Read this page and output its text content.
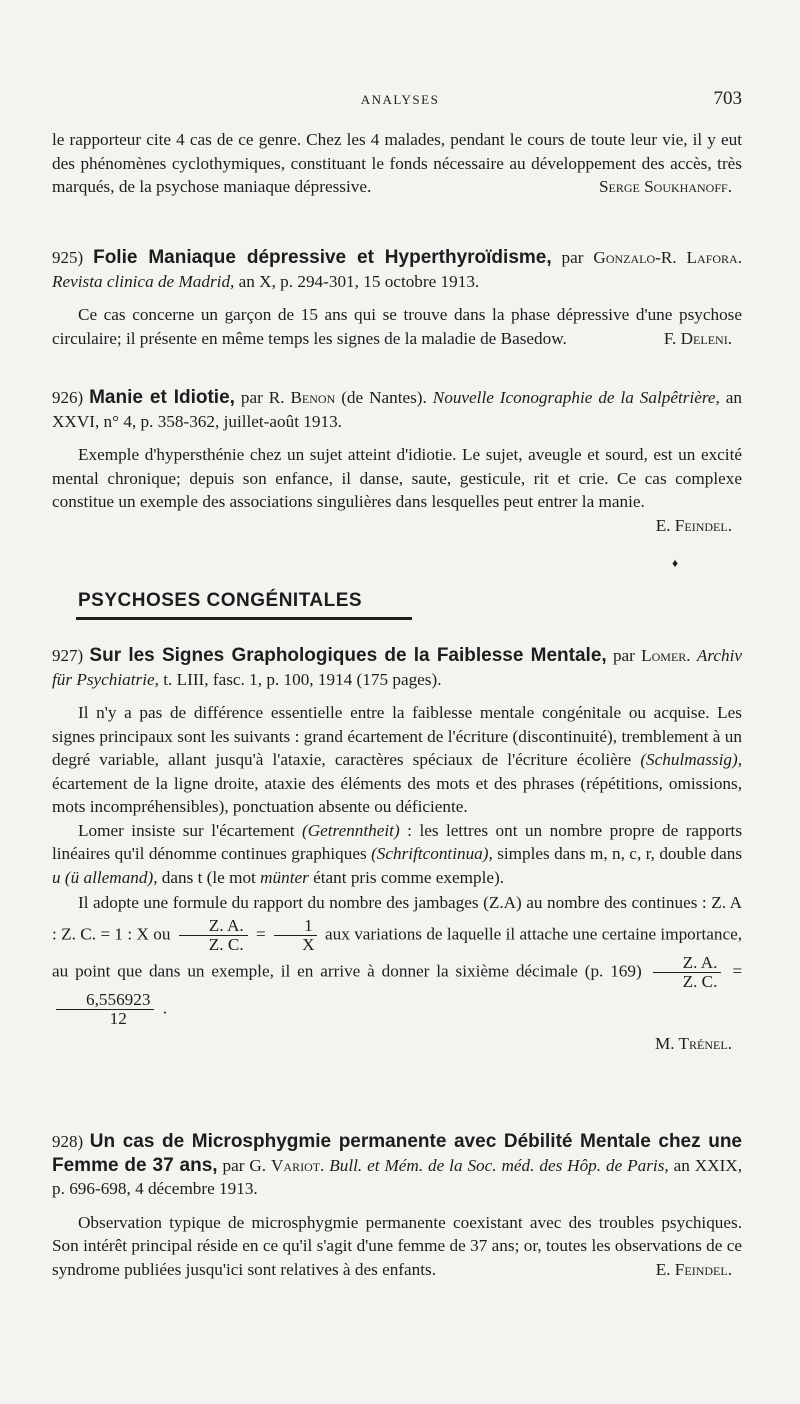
ANALYSES	703

le rapporteur cite 4 cas de ce genre. Chez les 4 malades, pendant le cours de toute leur vie, il y eut des phénomènes cyclothymiques, constituant le fonds nécessaire au développement des accès, très marqués, de la psychose maniaque dépressive.	Serge Soukhanoff.

925) Folie Maniaque dépressive et Hyperthyroïdisme, par Gonzalo-R. Lafora. Revista clinica de Madrid, an X, p. 294-301, 15 octobre 1913.

Ce cas concerne un garçon de 15 ans qui se trouve dans la phase dépressive d'une psychose circulaire; il présente en même temps les signes de la maladie de Basedow.	F. Deleni.

926) Manie et Idiotie, par R. Benon (de Nantes). Nouvelle Iconographie de la Salpêtrière, an XXVI, n° 4, p. 358-362, juillet-août 1913.

Exemple d'hypersthénie chez un sujet atteint d'idiotie. Le sujet, aveugle et sourd, est un excité mental chronique; depuis son enfance, il danse, saute, gesticule, rit et crie. Ce cas complexe constitue un exemple des associations singulières dans lesquelles peut entrer la manie.
E. Feindel.

♦
PSYCHOSES CONGÉNITALES

927) Sur les Signes Graphologiques de la Faiblesse Mentale, par Lomer. Archiv für Psychiatrie, t. LIII, fasc. 1, p. 100, 1914 (175 pages).

Il n'y a pas de différence essentielle entre la faiblesse mentale congénitale ou acquise. Les signes principaux sont les suivants : grand écartement de l'écriture (discontinuité), tremblement à un degré variable, allant jusqu'à l'ataxie, caractères spéciaux de l'écriture écolière (Schulmassig), écartement de la ligne droite, ataxie des éléments des mots et des phrases (répétitions, omissions, mots incompréhensibles), ponctuation absente ou déficiente.

Lomer insiste sur l'écartement (Getrenntheit) : les lettres ont un nombre propre de rapports linéaires qu'il dénomme continues graphiques (Schriftcontinua), simples dans m, n, c, r, double dans u (ü allemand), dans t (le mot münter étant pris comme exemple).

Il adopte une formule du rapport du nombre des jambages (Z.A) au nombre des continues : Z. A : Z. C. = 1 : X ou $\frac{Z. A.}{Z. C.} = \frac{1}{X}$ aux variations de laquelle il attache une certaine importance, au point que dans un exemple, il en arrive à donner la sixième décimale (p. $169) \frac{Z. A.}{Z. C.}$ =
$\frac{6,556923}{12}$ .

M. Trénel.

928) Un cas de Microsphygmie permanente avec Débilité Mentale chez une Femme de 37 ans, par G. Variot. Bull. et Mém. de la Soc. méd. des Hôp. de Paris, an XXIX, p. 696-698, 4 décembre 1913.

Observation typique de microsphygmie permanente coexistant avec des troubles psychiques. Son intérêt principal réside en ce qu'il s'agit d'une femme de 37 ans; or, toutes les observations de ce syndrome publiées jusqu'ici sont relatives à des enfants.	E. Feindel.
